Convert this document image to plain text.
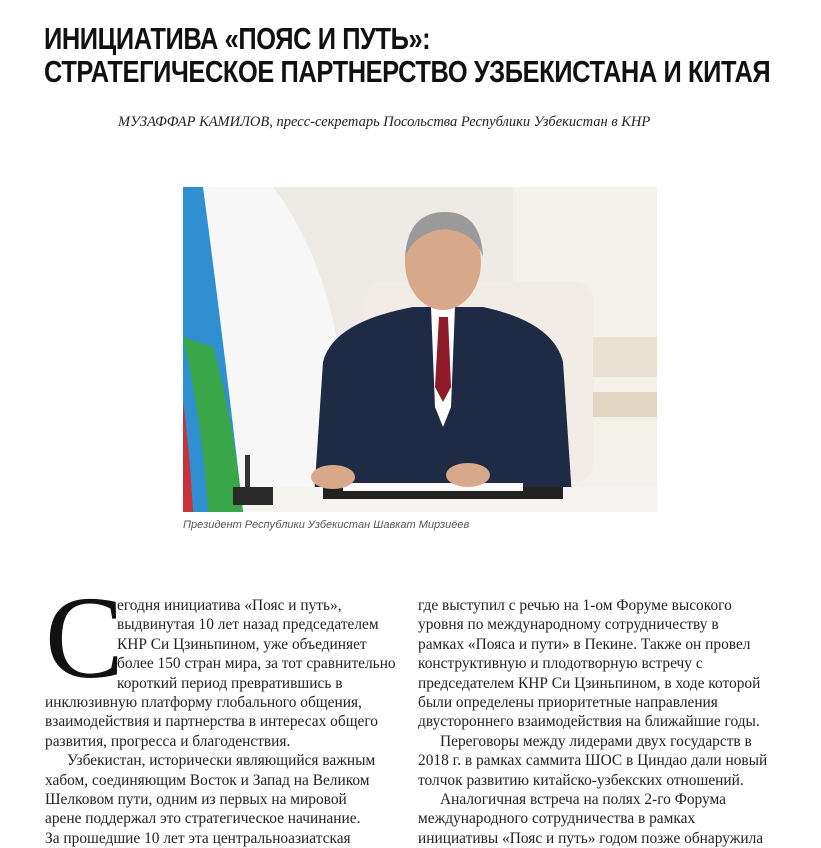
ИНИЦИАТИВА «ПОЯС И ПУТЬ»:
СТРАТЕГИЧЕСКОЕ ПАРТНЕРСТВО УЗБЕКИСТАНА И КИТАЯ
МУЗАФФАР КАМИЛОВ, пресс-секретарь Посольства Республики Узбекистан в КНР
Президент Республики Узбекистан Шавкат Мирзиёев
С
егодня инициатива «Пояс и путь»,
выдвинутая 10 лет назад председателем
КНР Си Цзиньпином, уже объединяет
более 150 стран мира, за тот сравнительно
короткий период превратившись в
инклюзивную платформу глобального общения,
взаимодействия и партнерства в интересах общего
развития, прогресса и благоденствия.
Узбекистан, исторически являющийся важным
хабом, соединяющим Восток и Запад на Великом
Шелковом пути, одним из первых на мировой
арене поддержал это стратегическое начинание.
За прошедшие 10 лет эта центральноазиатская
где выступил с речью на 1-ом Форуме высокого
уровня по международному сотрудничеству в
рамках «Пояса и пути» в Пекине. Также он провел
конструктивную и плодотворную встречу с
председателем КНР Си Цзиньпином, в ходе которой
были определены приоритетные направления
двустороннего взаимодействия на ближайшие годы.
Переговоры между лидерами двух государств в
2018 г. в рамках саммита ШОС в Циндао дали новый
толчок развитию китайско-узбекских отношений.
Аналогичная встреча на полях 2-го Форума
международного сотрудничества в рамках
инициативы «Пояс и путь» годом позже обнаружила
